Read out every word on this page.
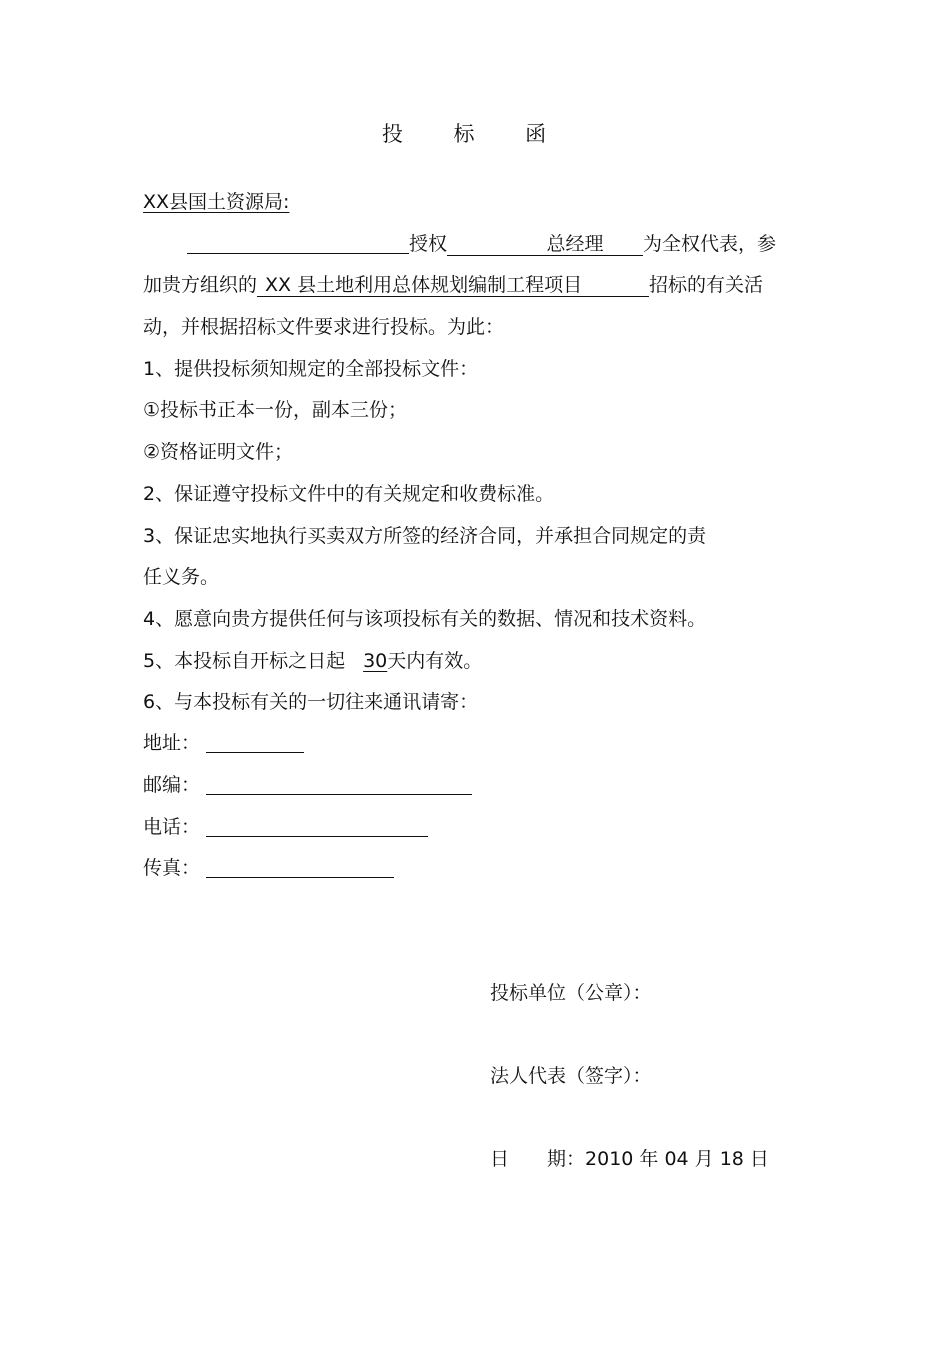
投 标 函
XX县国土资源局:
授权	总经理 为全权代表，参
加贵方组织的 XX 县土地利用总体规划编制工程项目	招标的有关活
动，并根据招标文件要求进行投标。为此：
1、提供投标须知规定的全部投标文件：
①投标书正本一份，副本三份；
②资格证明文件；
2、保证遵守投标文件中的有关规定和收费标准。
3、保证忠实地执行买卖双方所签的经济合同，并承担合同规定的责
任义务。
4、愿意向贵方提供任何与该项投标有关的数据、情况和技术资料。
5、本投标自开标之日起 30天内有效。
6、与本投标有关的一切往来通讯请寄：
地址：
邮编：
电话：
传真：
投标单位（公章）：
法人代表（签字）：
日　　期：2010 年 04 月 18 日
